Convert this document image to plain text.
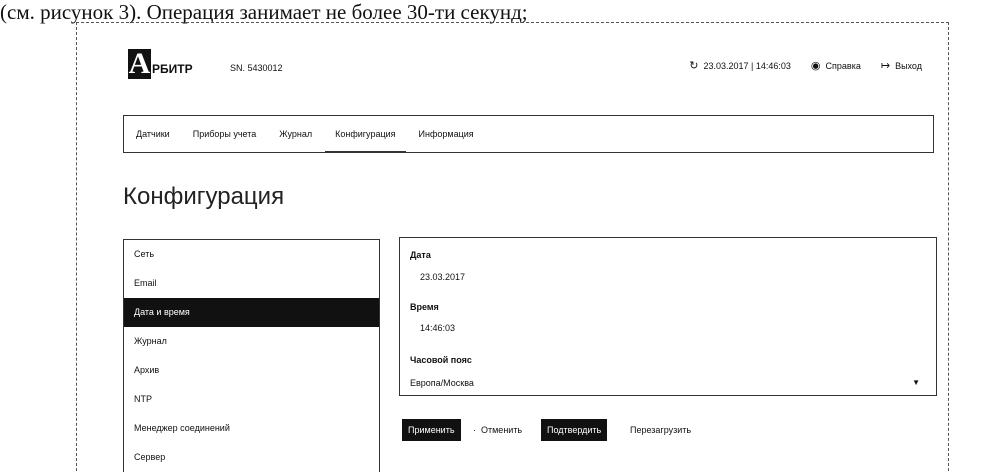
(см. рисунок 3). Операция занимает не более 30-ти секунд;
А РБИТР	SN. 5430012	↻ 23.03.2017 | 14:46:03 ◉ Справка ↦ Выход
Датчики	Приборы учета	Журнал	Конфигурация	Информация
Конфигурация
Сеть
Email
Дата и время
Журнал
Архив
NTP
Менеджер соединений
Сервер
Дата
23.03.2017
Время
14:46:03
Часовой пояс
Европа/Москва	▼
Применить	· Отменить	Подтвердить	Перезагрузить
